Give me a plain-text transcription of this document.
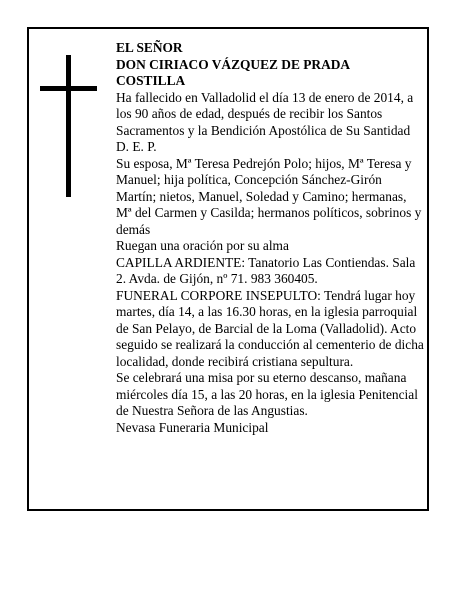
EL SEÑOR

DON CIRIACO VÁZQUEZ DE PRADA

COSTILLA

Ha fallecido en Valladolid el día 13 de enero de 2014, a los 90 años de edad, después de recibir los Santos Sacramentos y la Bendición Apostólica de Su Santidad D. E. P.

Su esposa, Mª Teresa Pedrejón Polo; hijos, Mª Teresa y Manuel; hija política, Concepción Sánchez-Girón Martín; nietos, Manuel, Soledad y Camino; hermanas, Mª del Carmen y Casilda; hermanos políticos, sobrinos y demás

Ruegan una oración por su alma

CAPILLA ARDIENTE: Tanatorio Las Contiendas. Sala 2. Avda. de Gijón, nº 71. 983 360405.

FUNERAL CORPORE INSEPULTO: Tendrá lugar hoy martes, día 14, a las 16.30 horas, en la iglesia parroquial de San Pelayo, de Barcial de la Loma (Valladolid). Acto seguido se realizará la conducción al cementerio de dicha localidad, donde recibirá cristiana sepultura.

Se celebrará una misa por su eterno descanso, mañana miércoles día 15, a las 20 horas, en la iglesia Penitencial de Nuestra Señora de las Angustias.

Nevasa Funeraria Municipal
